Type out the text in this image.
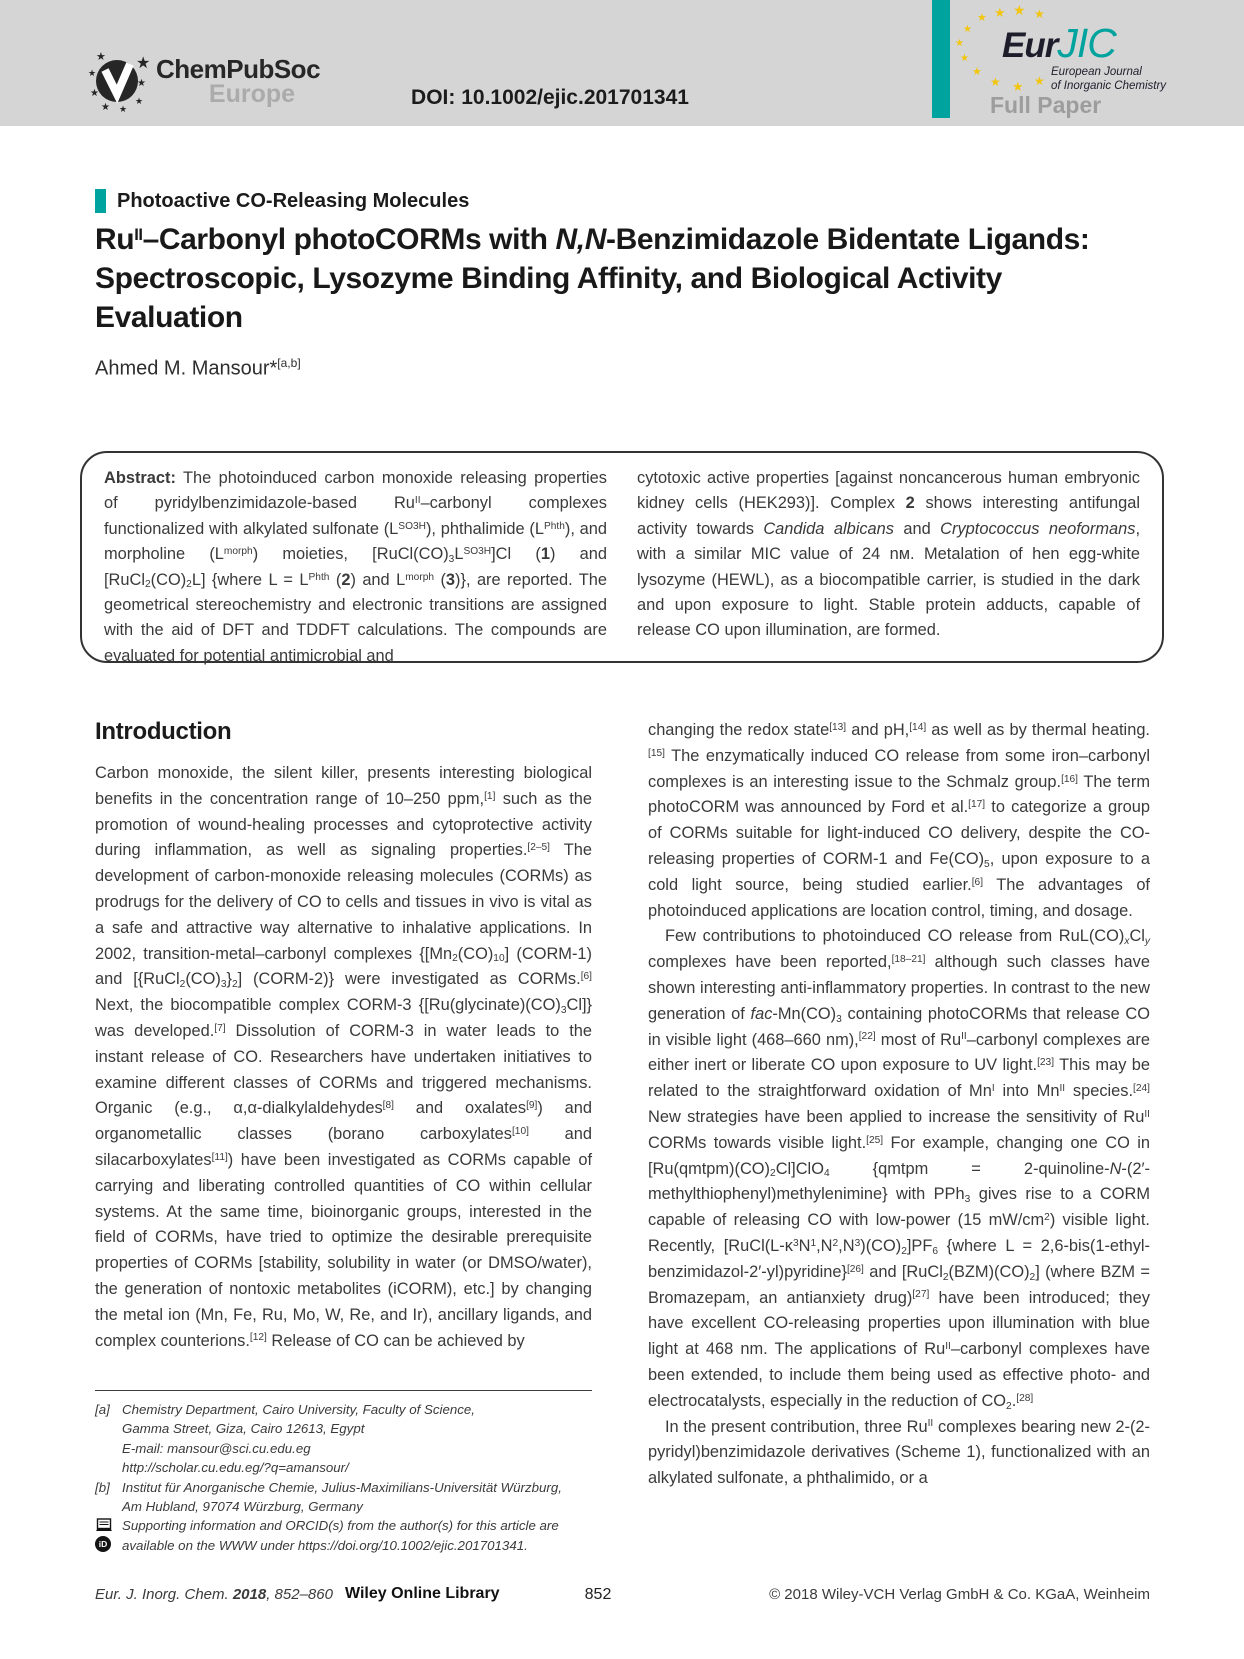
★
★
★
★ ★
★
★
★ ChemPubSoc
Europe	DOI: 10.1002/ejic.201701341
★ ★ ★
★
★
★
★
★
★ ★ ★
EurJIC
European Journal
of Inorganic Chemistry
Full Paper
Photoactive CO-Releasing Molecules
$Ru^{II}$–Carbonyl photoCORMs with N,N-Benzimidazole Bidentate Ligands: Spectroscopic, Lysozyme Binding Affinity, and Biological Activity Evaluation
Ahmed M. Mansour*[a,b]
Abstract: The photoinduced carbon monoxide releasing properties of pyridylbenzimidazole-based $Ru^{II}$–carbonyl complexes functionalized with alkylated sulfonate $(L^{SO3H})$, phthalimide $(L^{Phth})$, and morpholine $(L^{morph})$ moieties, $[RuCl(CO)_3L^{SO3H}]Cl$ (1) and $[RuCl_2(CO)_2L]$ {where $L = L^{Phth}$ (2) and $L^{morph}$ (3)}, are reported. The geometrical stereochemistry and electronic transitions are assigned with the aid of DFT and TDDFT calculations. The compounds are evaluated for potential antimicrobial and
cytotoxic active properties [against noncancerous human embryonic kidney cells (HEK293)]. Complex 2 shows interesting antifungal activity towards Candida albicans and Cryptococcus neoformans, with a similar MIC value of 24 nᴍ. Metalation of hen egg-white lysozyme (HEWL), as a biocompatible carrier, is studied in the dark and upon exposure to light. Stable protein adducts, capable of release CO upon illumination, are formed.
Introduction

Carbon monoxide, the silent killer, presents interesting biological benefits in the concentration range of 10–250 ppm,[1] such as the promotion of wound-healing processes and cytoprotective activity during inflammation, as well as signaling properties.[2–5] The development of carbon-monoxide releasing molecules (CORMs) as prodrugs for the delivery of CO to cells and tissues in vivo is vital as a safe and attractive way alternative to inhalative applications. In 2002, transition-metal–carbonyl complexes {$[Mn_2(CO)_{10}]$ (CORM-1) and $[\{RuCl_2(CO)_3\}_2]$ (CORM-2)} were investigated as CORMs.[6] Next, the biocompatible complex CORM-3 $\{[Ru(glycinate)(CO)_3Cl]\}$ was developed.[7] Dissolution of CORM-3 in water leads to the instant release of CO. Researchers have undertaken initiatives to examine different classes of CORMs and triggered mechanisms. Organic (e.g., α,α-dialkylaldehydes[8] and oxalates[9]) and organometallic classes (borano carboxylates[10] and silacarboxylates[11]) have been investigated as CORMs capable of carrying and liberating controlled quantities of CO within cellular systems. At the same time, bioinorganic groups, interested in the field of CORMs, have tried to optimize the desirable prerequisite properties of CORMs [stability, solubility in water (or DMSO/water), the generation of nontoxic metabolites (iCORM), etc.] by changing the metal ion (Mn, Fe, Ru, Mo, W, Re, and Ir), ancillary ligands, and complex counterions.[12] Release of CO can be achieved by

changing the redox state[13] and pH,[14] as well as by thermal heating.[15] The enzymatically induced CO release from some iron–carbonyl complexes is an interesting issue to the Schmalz group.[16] The term photoCORM was announced by Ford et al.[17] to categorize a group of CORMs suitable for light-induced CO delivery, despite the CO-releasing properties of CORM-1 and $Fe(CO)_5$, upon exposure to a cold light source, being studied earlier.[6] The advantages of photoinduced applications are location control, timing, and dosage.

Few contributions to photoinduced CO release from $RuL(CO)_xCl_y$ complexes have been reported,[18–21] although such classes have shown interesting anti-inflammatory properties. In contrast to the new generation of fac-$Mn(CO)_3$ containing photoCORMs that release CO in visible light (468–660 nm),[22] most of $Ru^{II}$–carbonyl complexes are either inert or liberate CO upon exposure to UV light.[23] This may be related to the straightforward oxidation of $Mn^I$ into $Mn^{II}$ species.[24] New strategies have been applied to increase the sensitivity of $Ru^{II}$ CORMs towards visible light.[25] For example, changing one CO in $[Ru(qmtpm)(CO)_2Cl]ClO_4$ {qmtpm = 2-quinoline-N-(2′-methylthiophenyl)methylenimine} with PPh$_3$ gives rise to a CORM capable of releasing CO with low-power (15 $mW/cm^2$) visible light. Recently, $[RuCl(L-\kappa^3N^1,N^2,N^3)(CO)_2]PF_6$ {where L = 2,6-bis(1-ethyl-benzimidazol-2′-yl)pyridine}[26] and $[RuCl_2(BZM)(CO)_2]$ (where BZM = Bromazepam, an antianxiety drug)[27] have been introduced; they have excellent CO-releasing properties upon illumination with blue light at 468 nm. The applications of $Ru^{II}$–carbonyl complexes have been extended, to include them being used as effective photo- and electrocatalysts, especially in the reduction of $CO_2.[28]$

In the present contribution, three $Ru^{II}$ complexes bearing new 2-(2-pyridyl)benzimidazole derivatives (Scheme 1), functionalized with an alkylated sulfonate, a phthalimido, or a

[a] Chemistry Department, Cairo University, Faculty of Science,
Gamma Street, Giza, Cairo 12613, Egypt
E-mail: mansour@sci.cu.edu.eg
http://scholar.cu.edu.eg/?q=amansour/
[b] Institut für Anorganische Chemie, Julius-Maximilians-Universität Würzburg,
Am Hubland, 97074 Würzburg, Germany
iD
Supporting information and ORCID(s) from the author(s) for this article are available on the WWW under https://doi.org/10.1002/ejic.201701341.
Eur. J. Inorg. Chem. 2018, 852–860 Wiley Online Library	852	© 2018 Wiley-VCH Verlag GmbH & Co. KGaA, Weinheim
